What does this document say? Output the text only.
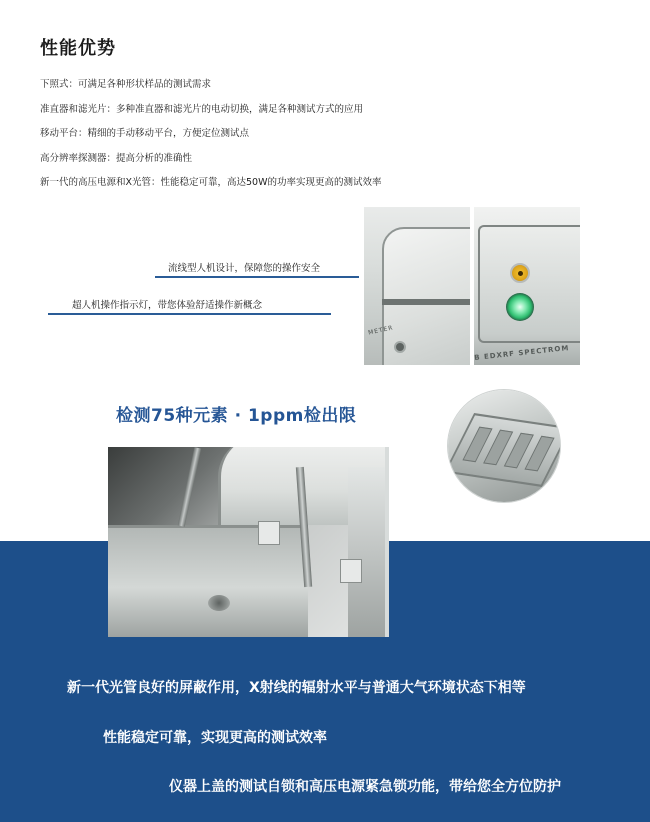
性能优势
下照式：可满足各种形状样品的测试需求
准直器和滤光片：多种准直器和滤光片的电动切换，满足各种测试方式的应用
移动平台：精细的手动移动平台，方便定位测试点
高分辨率探测器：提高分析的准确性
新一代的高压电源和X光管：性能稳定可靠，高达50W的功率实现更高的测试效率
METER
B EDXRF SPECTROM
流线型人机设计，保障您的操作安全
超人机操作指示灯，带您体验舒适操作新概念
检测75种元素 · 1ppm检出限
新一代光管良好的屏蔽作用，X射线的辐射水平与普通大气环境状态下相等
性能稳定可靠，实现更高的测试效率
仪器上盖的测试自锁和高压电源紧急锁功能，带给您全方位防护
